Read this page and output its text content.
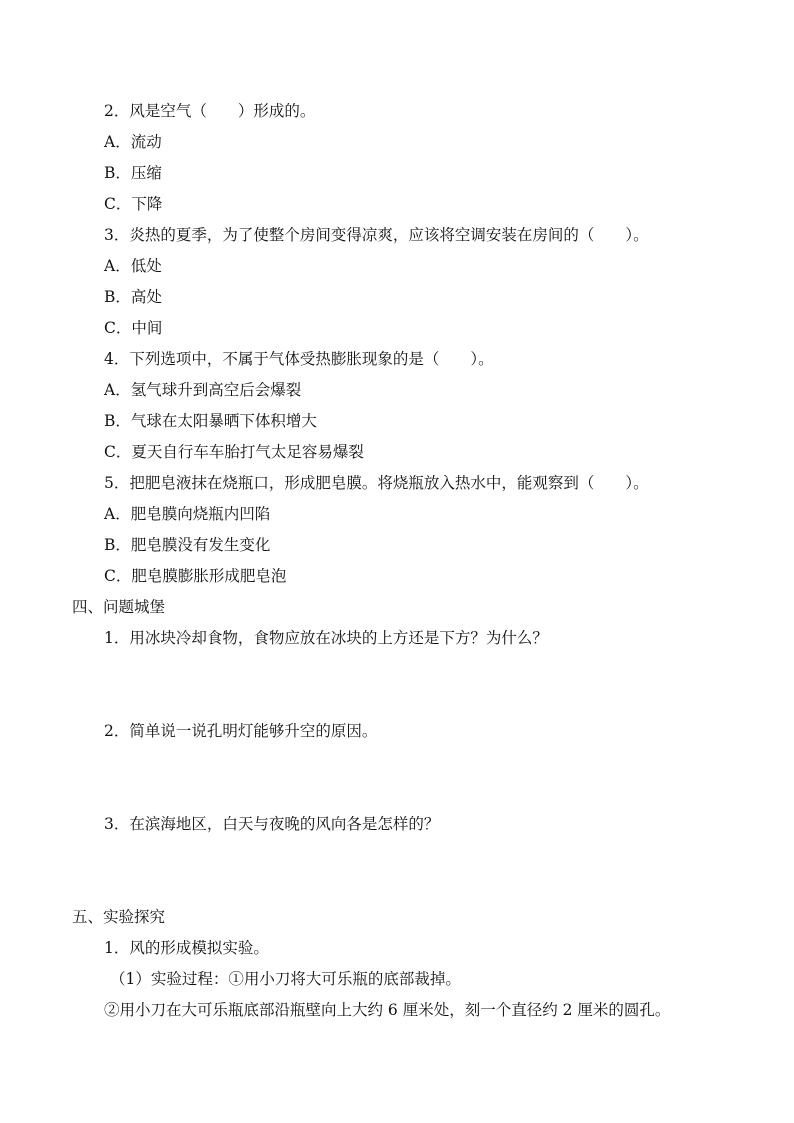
2．风是空气（　　）形成的。
A．流动
B．压缩
C．下降
3．炎热的夏季，为了使整个房间变得凉爽，应该将空调安装在房间的（　　）。
A．低处
B．高处
C．中间
4．下列选项中，不属于气体受热膨胀现象的是（　　）。
A．氢气球升到高空后会爆裂
B．气球在太阳暴晒下体积增大
C．夏天自行车车胎打气太足容易爆裂
5．把肥皂液抹在烧瓶口，形成肥皂膜。将烧瓶放入热水中，能观察到（　　）。
A．肥皂膜向烧瓶内凹陷
B．肥皂膜没有发生变化
C．肥皂膜膨胀形成肥皂泡
四、问题城堡
1．用冰块冷却食物，食物应放在冰块的上方还是下方？为什么？
2．简单说一说孔明灯能够升空的原因。
3．在滨海地区，白天与夜晚的风向各是怎样的？
五、实验探究
1．风的形成模拟实验。
（1）实验过程：①用小刀将大可乐瓶的底部裁掉。
②用小刀在大可乐瓶底部沿瓶壁向上大约 6 厘米处，刻一个直径约 2 厘米的圆孔。
